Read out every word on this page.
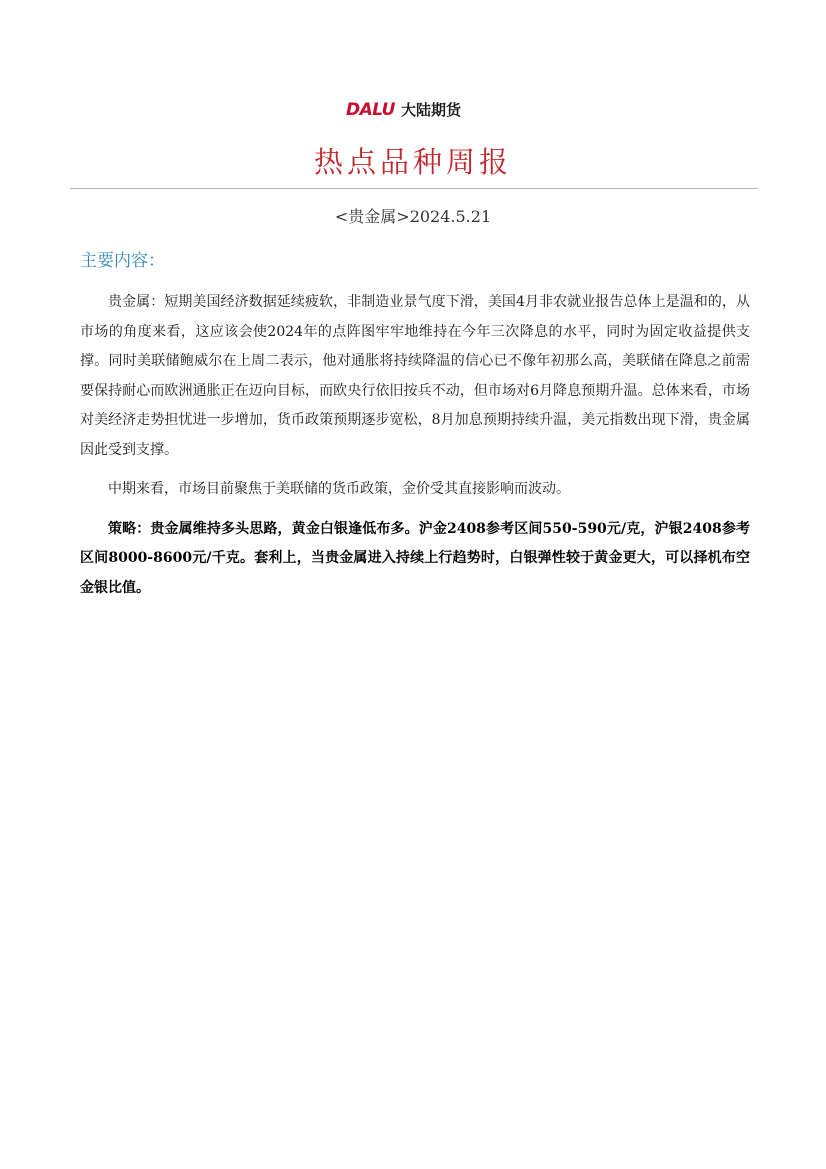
DALU 大陆期货
热点品种周报
<贵金属>2024.5.21
主要内容：

贵金属：短期美国经济数据延续疲软，非制造业景气度下滑，美国4月非农就业报告总体上是温和的，从市场的角度来看，这应该会使2024年的点阵图牢牢地维持在今年三次降息的水平，同时为固定收益提供支撑。同时美联储鲍威尔在上周二表示，他对通胀将持续降温的信心已不像年初那么高，美联储在降息之前需要保持耐心而欧洲通胀正在迈向目标，而欧央行依旧按兵不动，但市场对6月降息预期升温。总体来看，市场对美经济走势担忧进一步增加，货币政策预期逐步宽松，8月加息预期持续升温，美元指数出现下滑，贵金属因此受到支撑。

中期来看，市场目前聚焦于美联储的货币政策，金价受其直接影响而波动。

策略：贵金属维持多头思路，黄金白银逢低布多。沪金2408参考区间550-590元/克，沪银2408参考区间8000-8600元/千克。套利上，当贵金属进入持续上行趋势时，白银弹性较于黄金更大，可以择机布空金银比值。
